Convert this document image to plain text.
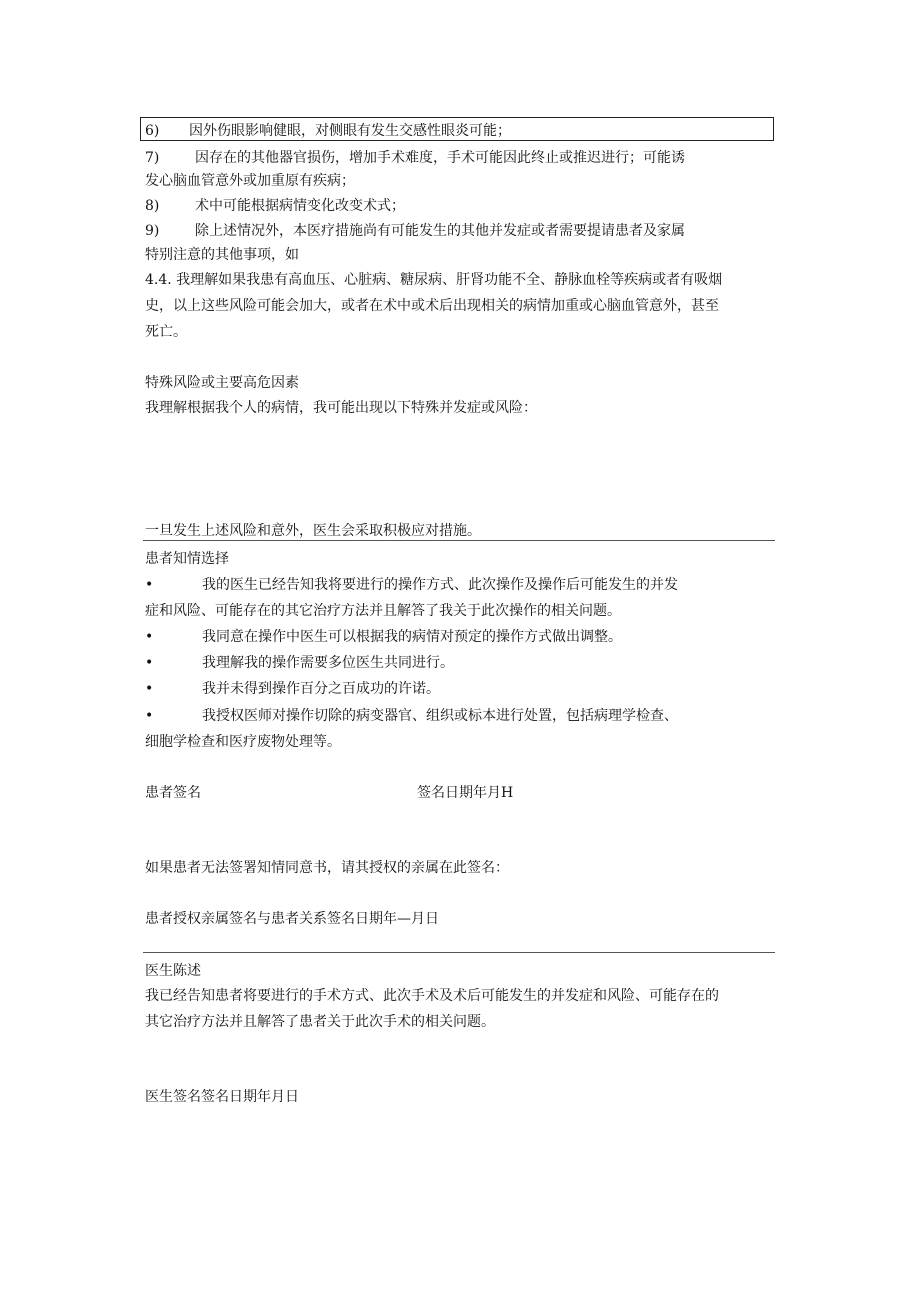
6) 因外伤眼影响健眼，对侧眼有发生交感性眼炎可能；
7)	因存在的其他器官损伤，增加手术难度，手术可能因此终止或推迟进行；可能诱
发心脑血管意外或加重原有疾病；
8)	术中可能根据病情变化改变术式；
9)	除上述情况外，本医疗措施尚有可能发生的其他并发症或者需要提请患者及家属
特别注意的其他事项，如
4.4. 我理解如果我患有高血压、心脏病、糖尿病、肝肾功能不全、静脉血栓等疾病或者有吸烟
史，以上这些风险可能会加大，或者在术中或术后出现相关的病情加重或心脑血管意外，甚至
死亡。
特殊风险或主要高危因素
我理解根据我个人的病情，我可能出现以下特殊并发症或风险：
一旦发生上述风险和意外，医生会采取积极应对措施。
患者知情选择
•	我的医生已经告知我将要进行的操作方式、此次操作及操作后可能发生的并发
症和风险、可能存在的其它治疗方法并且解答了我关于此次操作的相关问题。
•	我同意在操作中医生可以根据我的病情对预定的操作方式做出调整。
•	我理解我的操作需要多位医生共同进行。
•	我并未得到操作百分之百成功的许诺。
•	我授权医师对操作切除的病变器官、组织或标本进行处置，包括病理学检查、
细胞学检查和医疗废物处理等。
患者签名	签名日期年月H
如果患者无法签署知情同意书，请其授权的亲属在此签名：
患者授权亲属签名与患者关系签名日期年—月日
医生陈述
我已经告知患者将要进行的手术方式、此次手术及术后可能发生的并发症和风险、可能存在的
其它治疗方法并且解答了患者关于此次手术的相关问题。
医生签名签名日期年月日
